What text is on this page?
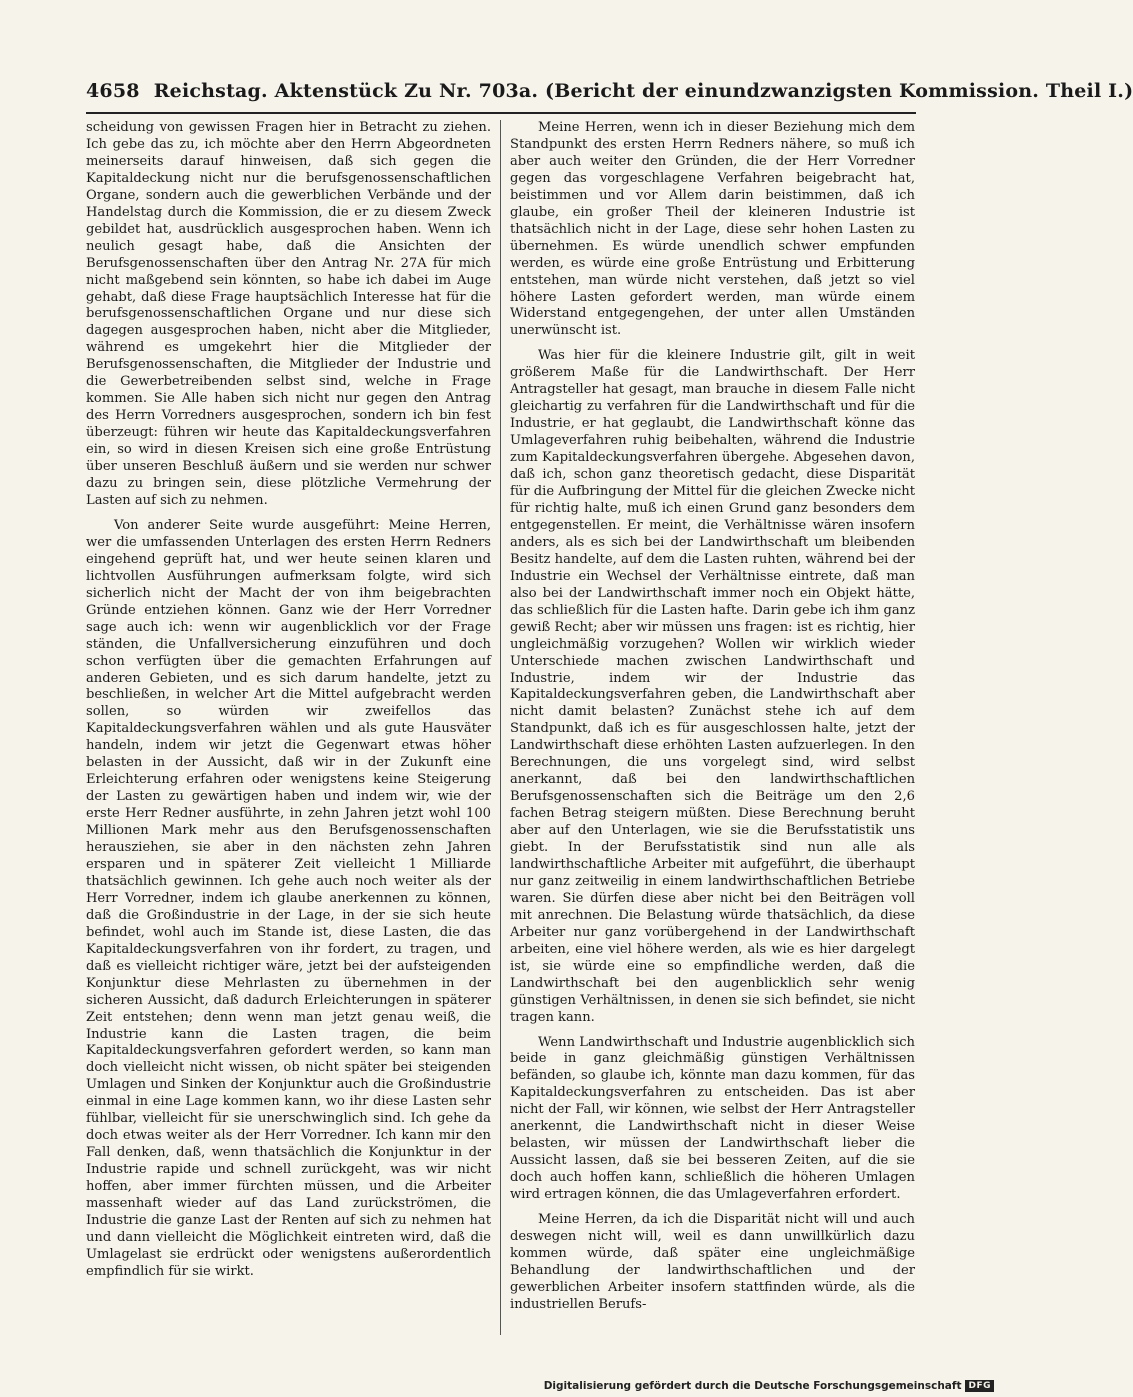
4658 Reichstag. Aktenstück Zu Nr. 703a. (Bericht der einundzwanzigsten Kommission. Theil I.)

scheidung von gewissen Fragen hier in Betracht zu ziehen. Ich gebe das zu, ich möchte aber den Herrn Abgeordneten meinerseits darauf hinweisen, daß sich gegen die Kapitaldeckung nicht nur die berufsgenossenschaftlichen Organe, sondern auch die gewerblichen Verbände und der Handelstag durch die Kommission, die er zu diesem Zweck gebildet hat, ausdrücklich ausgesprochen haben. Wenn ich neulich gesagt habe, daß die Ansichten der Berufsgenossenschaften über den Antrag Nr. 27A für mich nicht maßgebend sein könnten, so habe ich dabei im Auge gehabt, daß diese Frage hauptsächlich Interesse hat für die berufsgenossenschaftlichen Organe und nur diese sich dagegen ausgesprochen haben, nicht aber die Mitglieder, während es umgekehrt hier die Mitglieder der Berufsgenossenschaften, die Mitglieder der Industrie und die Gewerbetreibenden selbst sind, welche in Frage kommen. Sie Alle haben sich nicht nur gegen den Antrag des Herrn Vorredners ausgesprochen, sondern ich bin fest überzeugt: führen wir heute das Kapitaldeckungsverfahren ein, so wird in diesen Kreisen sich eine große Entrüstung über unseren Beschluß äußern und sie werden nur schwer dazu zu bringen sein, diese plötzliche Vermehrung der Lasten auf sich zu nehmen.

Von anderer Seite wurde ausgeführt: Meine Herren, wer die umfassenden Unterlagen des ersten Herrn Redners eingehend geprüft hat, und wer heute seinen klaren und lichtvollen Ausführungen aufmerksam folgte, wird sich sicherlich nicht der Macht der von ihm beigebrachten Gründe entziehen können. Ganz wie der Herr Vorredner sage auch ich: wenn wir augenblicklich vor der Frage ständen, die Unfallversicherung einzuführen und doch schon verfügten über die gemachten Erfahrungen auf anderen Gebieten, und es sich darum handelte, jetzt zu beschließen, in welcher Art die Mittel aufgebracht werden sollen, so würden wir zweifellos das Kapitaldeckungsverfahren wählen und als gute Hausväter handeln, indem wir jetzt die Gegenwart etwas höher belasten in der Aussicht, daß wir in der Zukunft eine Erleichterung erfahren oder wenigstens keine Steigerung der Lasten zu gewärtigen haben und indem wir, wie der erste Herr Redner ausführte, in zehn Jahren jetzt wohl 100 Millionen Mark mehr aus den Berufsgenossenschaften herausziehen, sie aber in den nächsten zehn Jahren ersparen und in späterer Zeit vielleicht 1 Milliarde thatsächlich gewinnen. Ich gehe auch noch weiter als der Herr Vorredner, indem ich glaube anerkennen zu können, daß die Großindustrie in der Lage, in der sie sich heute befindet, wohl auch im Stande ist, diese Lasten, die das Kapitaldeckungsverfahren von ihr fordert, zu tragen, und daß es vielleicht richtiger wäre, jetzt bei der aufsteigenden Konjunktur diese Mehrlasten zu übernehmen in der sicheren Aussicht, daß dadurch Erleichterungen in späterer Zeit entstehen; denn wenn man jetzt genau weiß, die Industrie kann die Lasten tragen, die beim Kapitaldeckungsverfahren gefordert werden, so kann man doch vielleicht nicht wissen, ob nicht später bei steigenden Umlagen und Sinken der Konjunktur auch die Großindustrie einmal in eine Lage kommen kann, wo ihr diese Lasten sehr fühlbar, vielleicht für sie unerschwinglich sind. Ich gehe da doch etwas weiter als der Herr Vorredner. Ich kann mir den Fall denken, daß, wenn thatsächlich die Konjunktur in der Industrie rapide und schnell zurückgeht, was wir nicht hoffen, aber immer fürchten müssen, und die Arbeiter massenhaft wieder auf das Land zurückströmen, die Industrie die ganze Last der Renten auf sich zu nehmen hat und dann vielleicht die Möglichkeit eintreten wird, daß die Umlagelast sie erdrückt oder wenigstens außerordentlich empfindlich für sie wirkt.

Meine Herren, wenn ich in dieser Beziehung mich dem Standpunkt des ersten Herrn Redners nähere, so muß ich aber auch weiter den Gründen, die der Herr Vorredner gegen das vorgeschlagene Verfahren beigebracht hat, beistimmen und vor Allem darin beistimmen, daß ich glaube, ein großer Theil der kleineren Industrie ist thatsächlich nicht in der Lage, diese sehr hohen Lasten zu übernehmen. Es würde unendlich schwer empfunden werden, es würde eine große Entrüstung und Erbitterung entstehen, man würde nicht verstehen, daß jetzt so viel höhere Lasten gefordert werden, man würde einem Widerstand entgegengehen, der unter allen Umständen unerwünscht ist.

Was hier für die kleinere Industrie gilt, gilt in weit größerem Maße für die Landwirthschaft. Der Herr Antragsteller hat gesagt, man brauche in diesem Falle nicht gleichartig zu verfahren für die Landwirthschaft und für die Industrie, er hat geglaubt, die Landwirthschaft könne das Umlageverfahren ruhig beibehalten, während die Industrie zum Kapitaldeckungsverfahren übergehe. Abgesehen davon, daß ich, schon ganz theoretisch gedacht, diese Disparität für die Aufbringung der Mittel für die gleichen Zwecke nicht für richtig halte, muß ich einen Grund ganz besonders dem entgegenstellen. Er meint, die Verhältnisse wären insofern anders, als es sich bei der Landwirthschaft um bleibenden Besitz handelte, auf dem die Lasten ruhten, während bei der Industrie ein Wechsel der Verhältnisse eintrete, daß man also bei der Landwirthschaft immer noch ein Objekt hätte, das schließlich für die Lasten hafte. Darin gebe ich ihm ganz gewiß Recht; aber wir müssen uns fragen: ist es richtig, hier ungleichmäßig vorzugehen? Wollen wir wirklich wieder Unterschiede machen zwischen Landwirthschaft und Industrie, indem wir der Industrie das Kapitaldeckungsverfahren geben, die Landwirthschaft aber nicht damit belasten? Zunächst stehe ich auf dem Standpunkt, daß ich es für ausgeschlossen halte, jetzt der Landwirthschaft diese erhöhten Lasten aufzuerlegen. In den Berechnungen, die uns vorgelegt sind, wird selbst anerkannt, daß bei den landwirthschaftlichen Berufsgenossenschaften sich die Beiträge um den 2,6 fachen Betrag steigern müßten. Diese Berechnung beruht aber auf den Unterlagen, wie sie die Berufsstatistik uns giebt. In der Berufsstatistik sind nun alle als landwirthschaftliche Arbeiter mit aufgeführt, die überhaupt nur ganz zeitweilig in einem landwirthschaftlichen Betriebe waren. Sie dürfen diese aber nicht bei den Beiträgen voll mit anrechnen. Die Belastung würde thatsächlich, da diese Arbeiter nur ganz vorübergehend in der Landwirthschaft arbeiten, eine viel höhere werden, als wie es hier dargelegt ist, sie würde eine so empfindliche werden, daß die Landwirthschaft bei den augenblicklich sehr wenig günstigen Verhältnissen, in denen sie sich befindet, sie nicht tragen kann.

Wenn Landwirthschaft und Industrie augenblicklich sich beide in ganz gleichmäßig günstigen Verhältnissen befänden, so glaube ich, könnte man dazu kommen, für das Kapitaldeckungsverfahren zu entscheiden. Das ist aber nicht der Fall, wir können, wie selbst der Herr Antragsteller anerkennt, die Landwirthschaft nicht in dieser Weise belasten, wir müssen der Landwirthschaft lieber die Aussicht lassen, daß sie bei besseren Zeiten, auf die sie doch auch hoffen kann, schließlich die höheren Umlagen wird ertragen können, die das Umlageverfahren erfordert.

Meine Herren, da ich die Disparität nicht will und auch deswegen nicht will, weil es dann unwillkürlich dazu kommen würde, daß später eine ungleichmäßige Behandlung der landwirthschaftlichen und der gewerblichen Arbeiter insofern stattfinden würde, als die industriellen Berufs-

Digitalisierung gefördert durch die Deutsche Forschungsgemeinschaft DFG
